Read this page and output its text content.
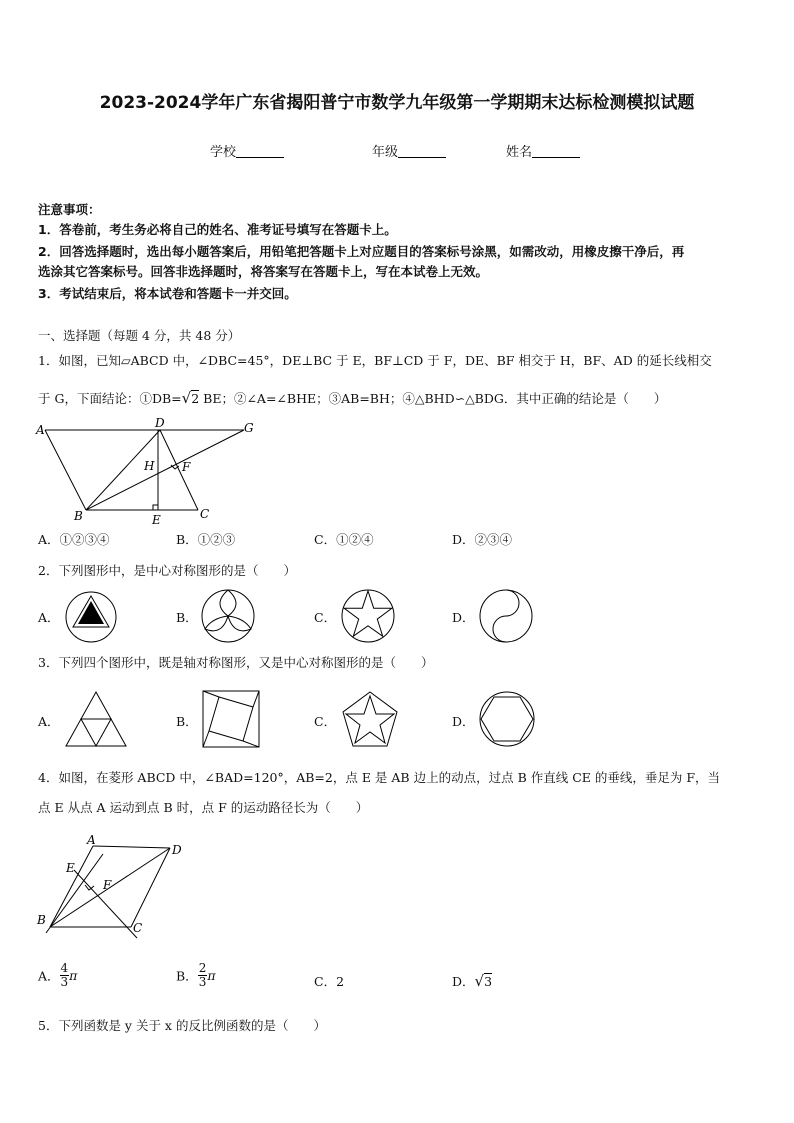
2023-2024学年广东省揭阳普宁市数学九年级第一学期期末达标检测模拟试题
学校	年级	姓名
注意事项：
1．答卷前，考生务必将自己的姓名、准考证号填写在答题卡上。
2．回答选择题时，选出每小题答案后，用铅笔把答题卡上对应题目的答案标号涂黑，如需改动，用橡皮擦干净后，再
选涂其它答案标号。回答非选择题时，将答案写在答题卡上，写在本试卷上无效。
3．考试结束后，将本试卷和答题卡一并交回。
一、选择题（每题 4 分，共 48 分）
1．如图，已知▱ABCD 中，∠DBC=45°，DE⊥BC 于 E，BF⊥CD 于 F，DE、BF 相交于 H，BF、AD 的延长线相交
于 G，下面结论：①DB=√2 BE；②∠A=∠BHE；③AB=BH；④△BHD∽△BDG．其中正确的结论是（　　）
A	D	G
H F
B	E	C
A．①②③④	B．①②③	C．①②④	D．②③④
2．下列图形中，是中心对称图形的是（　　）
A．	B．	C．	D．
3．下列四个图形中，既是轴对称图形，又是中心对称图形的是（　　）
A．	B．	C．	D．
4．如图，在菱形 ABCD 中，∠BAD=120°，AB=2，点 E 是 AB 边上的动点，过点 B 作直线 CE 的垂线，垂足为 F，当
点 E 从点 A 运动到点 B 时，点 F 的运动路径长为（　　）
A
D
E
F
B
C
A． $\frac{4}{3}$ π	B． $\frac{2}{3}$ π	C．2	D．√3
5．下列函数是 y 关于 x 的反比例函数的是（　　）
